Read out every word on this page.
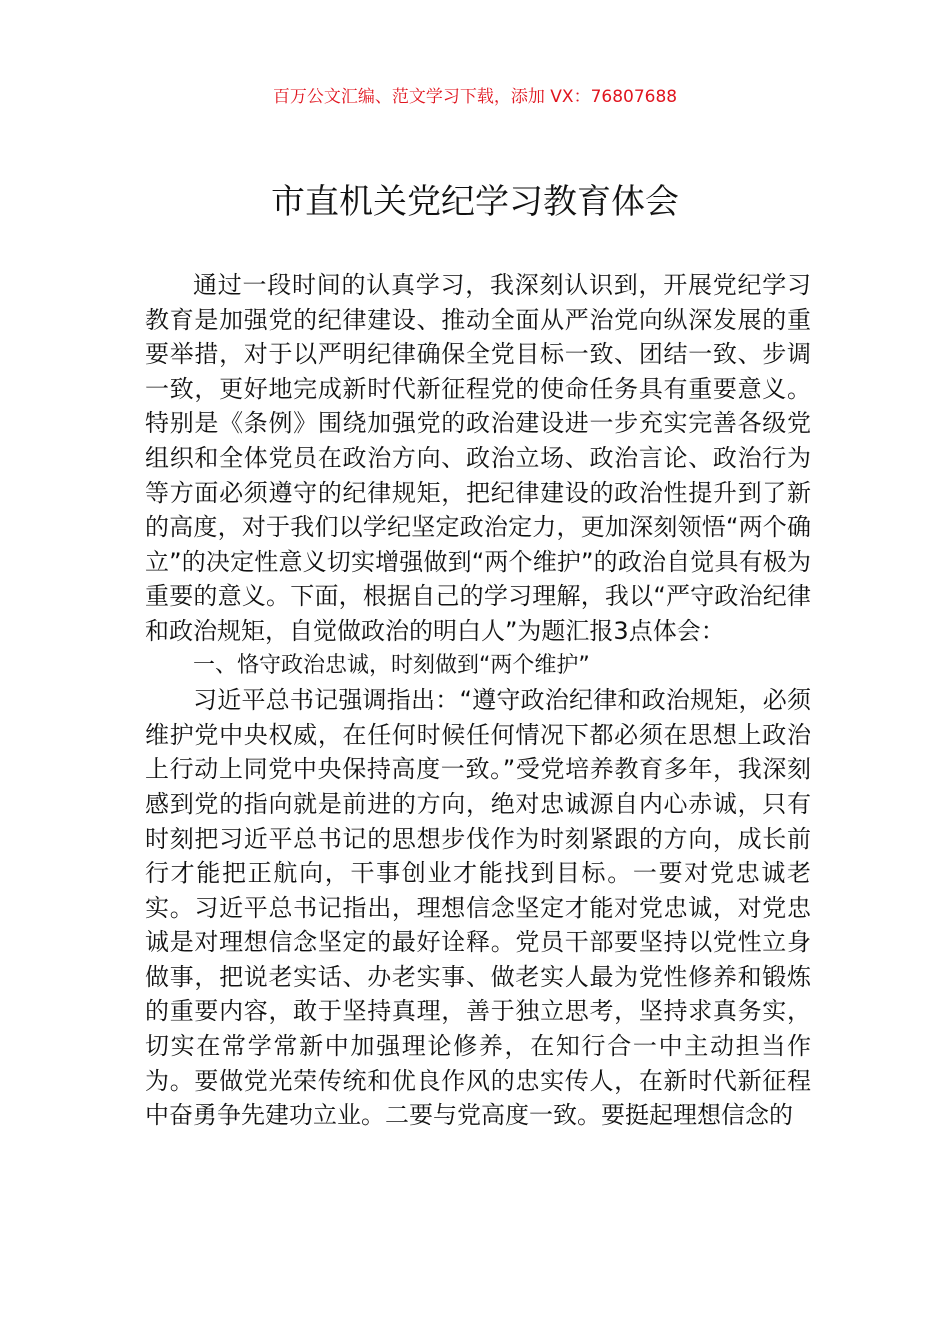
百万公文汇编、范文学习下载，添加 VX：76807688
市直机关党纪学习教育体会

通过一段时间的认真学习，我深刻认识到，开展党纪学习教育是加强党的纪律建设、推动全面从严治党向纵深发展的重要举措，对于以严明纪律确保全党目标一致、团结一致、步调一致，更好地完成新时代新征程党的使命任务具有重要意义。特别是《条例》围绕加强党的政治建设进一步充实完善各级党组织和全体党员在政治方向、政治立场、政治言论、政治行为等方面必须遵守的纪律规矩，把纪律建设的政治性提升到了新的高度，对于我们以学纪坚定政治定力，更加深刻领悟“两个确立”的决定性意义切实增强做到“两个维护”的政治自觉具有极为重要的意义。下面，根据自己的学习理解，我以“严守政治纪律和政治规矩，自觉做政治的明白人”为题汇报3点体会：

一、恪守政治忠诚，时刻做到“两个维护”

习近平总书记强调指出：“遵守政治纪律和政治规矩，必须维护党中央权威，在任何时候任何情况下都必须在思想上政治上行动上同党中央保持高度一致。”受党培养教育多年，我深刻感到党的指向就是前进的方向，绝对忠诚源自内心赤诚，只有时刻把习近平总书记的思想步伐作为时刻紧跟的方向，成长前行才能把正航向，干事创业才能找到目标。一要对党忠诚老实。习近平总书记指出，理想信念坚定才能对党忠诚，对党忠诚是对理想信念坚定的最好诠释。党员干部要坚持以党性立身做事，把说老实话、办老实事、做老实人最为党性修养和锻炼的重要内容，敢于坚持真理，善于独立思考，坚持求真务实，切实在常学常新中加强理论修养，在知行合一中主动担当作为。要做党光荣传统和优良作风的忠实传人，在新时代新征程中奋勇争先建功立业。二要与党高度一致。要挺起理想信念的
